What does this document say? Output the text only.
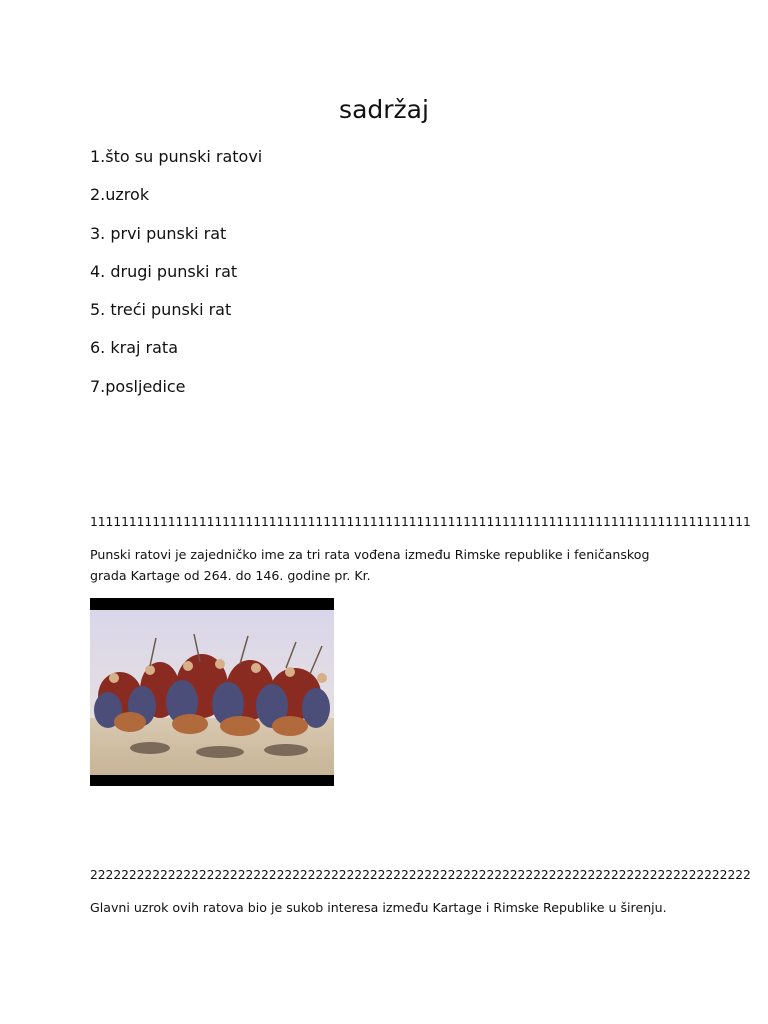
sadržaj
1.što su punski ratovi
2.uzrok
3. prvi punski rat
4. drugi punski rat
5. treći punski rat
6. kraj rata
7.posljedice
1111111111111111111111111111111111111111111111111111111111111111111111111111111111111

Punski ratovi je zajedničko ime za tri rata vođena između Rimske republike i feničanskog grada Kartage od 264. do 146. godine pr. Kr.

2222222222222222222222222222222222222222222222222222222222222222222222222222222222222

Glavni uzrok ovih ratova bio je sukob interesa između Kartage i Rimske Republike u širenju.
